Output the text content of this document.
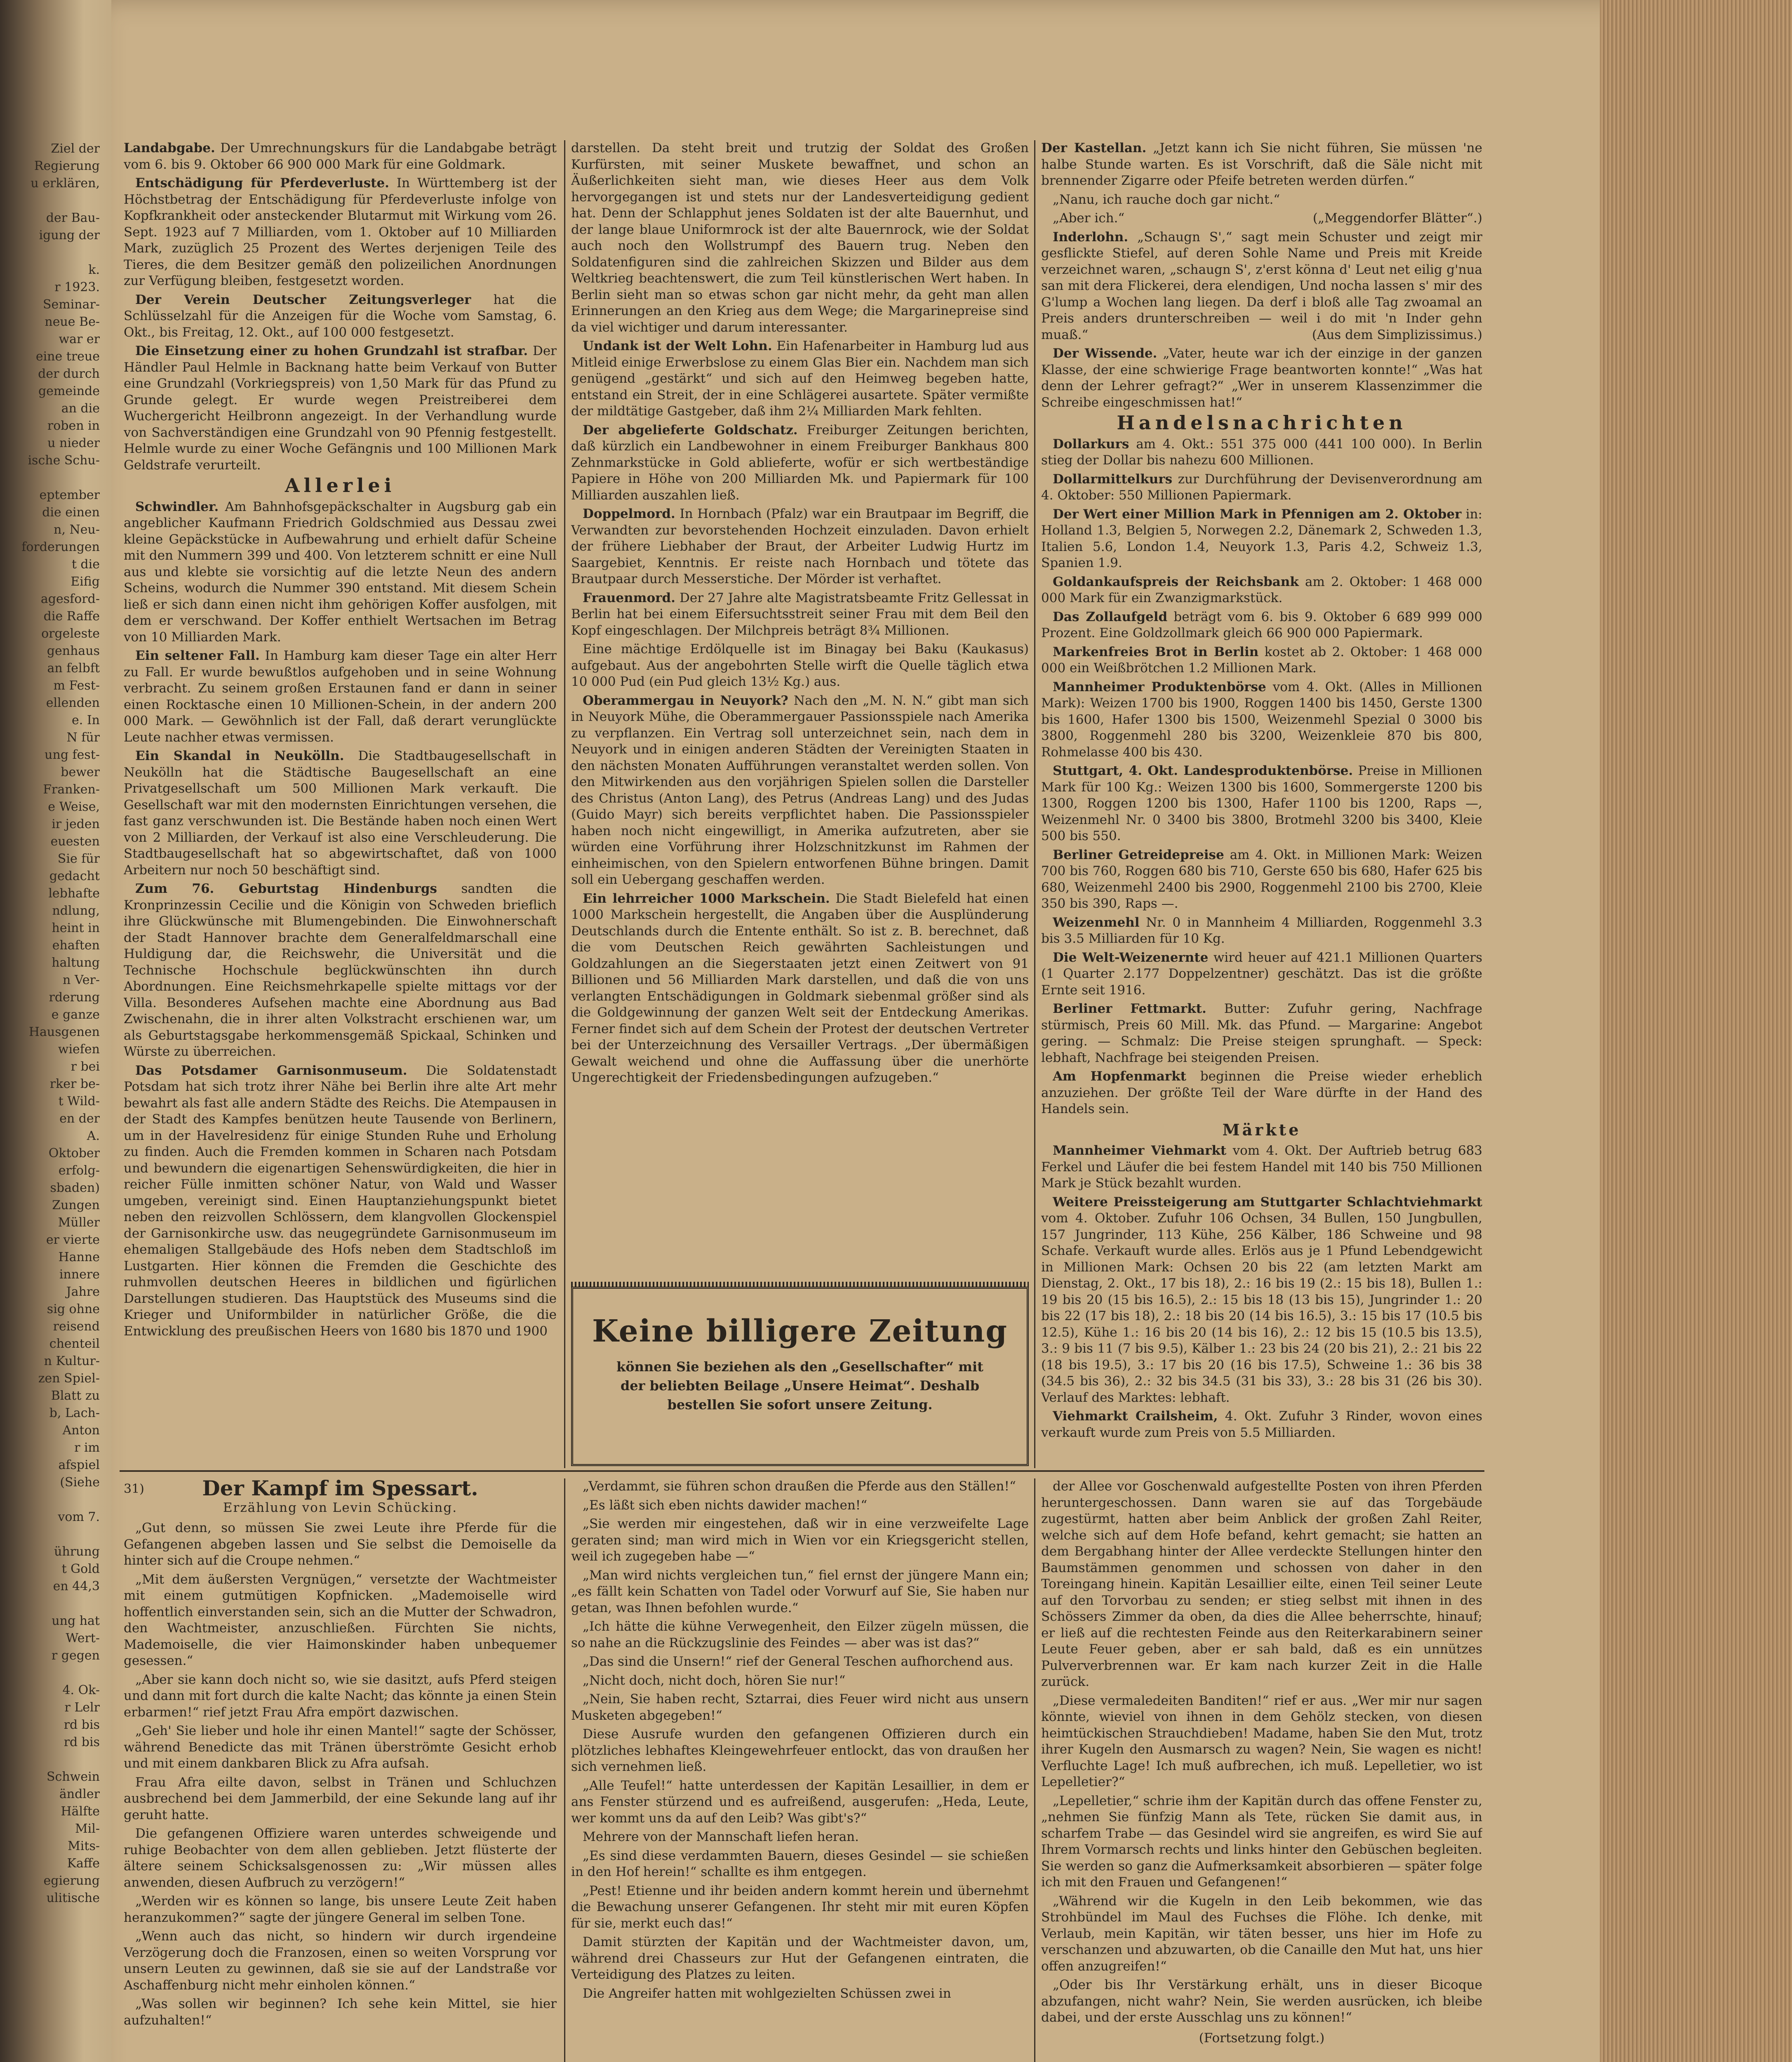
Ziel der
Regierung
u erklären,

der Bau-
igung der

k.
r 1923.
Seminar-
neue Be-
war er
eine treue
der durch
gemeinde
an die
roben in
u nieder
ische Schu-

eptember
die einen
n, Neu-
forderungen
t die
Eifig
agesford-
die Raffe
orgeleste
genhaus
an felbft
m Fest-
ellenden
e. In
N für
ung fest-
bewer
Franken-
e Weise,
ir jeden
euesten
Sie für
gedacht
lebhafte
ndlung,
heint in
ehaften
haltung
n Ver-
rderung
e ganze
Hausgenen
wiefen
r bei
rker be-
t Wild-
en der
A.
Oktober
erfolg-
sbaden)
Zungen
Müller
er vierte
Hanne
innere
Jahre
sig ohne
reisend
chenteil
n Kultur-
zen Spiel-
Blatt zu
b, Lach-
Anton
r im
afspiel
(Siehe

vom 7.

ührung
t Gold
en 44,3

ung hat
Wert-
r gegen

4. Ok-
r Lelr
rd bis
rd bis

Schwein
ändler
Hälfte
Mil-
Mits-
Kaffe
egierung
ulitische

Landabgabe. Der Umrechnungskurs für die Landabgabe beträgt vom 6. bis 9. Oktober 66 900 000 Mark für eine Goldmark.

Entschädigung für Pferdeverluste. In Württemberg ist der Höchstbetrag der Entschädigung für Pferdeverluste infolge von Kopfkrankheit oder ansteckender Blutarmut mit Wirkung vom 26. Sept. 1923 auf 7 Milliarden, vom 1. Oktober auf 10 Milliarden Mark, zuzüglich 25 Prozent des Wertes derjenigen Teile des Tieres, die dem Besitzer gemäß den polizeilichen Anordnungen zur Verfügung bleiben, festgesetzt worden.

Der Verein Deutscher Zeitungsverleger hat die Schlüsselzahl für die Anzeigen für die Woche vom Samstag, 6. Okt., bis Freitag, 12. Okt., auf 100 000 festgesetzt.

Die Einsetzung einer zu hohen Grundzahl ist strafbar. Der Händler Paul Helmle in Backnang hatte beim Verkauf von Butter eine Grundzahl (Vorkriegspreis) von 1,50 Mark für das Pfund zu Grunde gelegt. Er wurde wegen Preistreiberei dem Wuchergericht Heilbronn angezeigt. In der Verhandlung wurde von Sachverständigen eine Grundzahl von 90 Pfennig festgestellt. Helmle wurde zu einer Woche Gefängnis und 100 Millionen Mark Geldstrafe verurteilt.

Allerlei

Schwindler. Am Bahnhofsgepäckschalter in Augsburg gab ein angeblicher Kaufmann Friedrich Goldschmied aus Dessau zwei kleine Gepäckstücke in Aufbewahrung und erhielt dafür Scheine mit den Nummern 399 und 400. Von letzterem schnitt er eine Null aus und klebte sie vorsichtig auf die letzte Neun des andern Scheins, wodurch die Nummer 390 entstand. Mit diesem Schein ließ er sich dann einen nicht ihm gehörigen Koffer ausfolgen, mit dem er verschwand. Der Koffer enthielt Wertsachen im Betrag von 10 Milliarden Mark.

Ein seltener Fall. In Hamburg kam dieser Tage ein alter Herr zu Fall. Er wurde bewußtlos aufgehoben und in seine Wohnung verbracht. Zu seinem großen Erstaunen fand er dann in seiner einen Rocktasche einen 10 Millionen-Schein, in der andern 200 000 Mark. — Gewöhnlich ist der Fall, daß derart verunglückte Leute nachher etwas vermissen.

Ein Skandal in Neukölln. Die Stadtbaugesellschaft in Neukölln hat die Städtische Baugesellschaft an eine Privatgesellschaft um 500 Millionen Mark verkauft. Die Gesellschaft war mit den modernsten Einrichtungen versehen, die fast ganz verschwunden ist. Die Bestände haben noch einen Wert von 2 Milliarden, der Verkauf ist also eine Verschleuderung. Die Stadtbaugesellschaft hat so abgewirtschaftet, daß von 1000 Arbeitern nur noch 50 beschäftigt sind.

Zum 76. Geburtstag Hindenburgs sandten die Kronprinzessin Cecilie und die Königin von Schweden brieflich ihre Glückwünsche mit Blumengebinden. Die Einwohnerschaft der Stadt Hannover brachte dem Generalfeldmarschall eine Huldigung dar, die Reichswehr, die Universität und die Technische Hochschule beglückwünschten ihn durch Abordnungen. Eine Reichsmehrkapelle spielte mittags vor der Villa. Besonderes Aufsehen machte eine Abordnung aus Bad Zwischenahn, die in ihrer alten Volkstracht erschienen war, um als Geburtstagsgabe herkommensgemäß Spickaal, Schinken und Würste zu überreichen.

Das Potsdamer Garnisonmuseum. Die Soldatenstadt Potsdam hat sich trotz ihrer Nähe bei Berlin ihre alte Art mehr bewahrt als fast alle andern Städte des Reichs. Die Atempausen in der Stadt des Kampfes benützen heute Tausende von Berlinern, um in der Havelresidenz für einige Stunden Ruhe und Erholung zu finden. Auch die Fremden kommen in Scharen nach Potsdam und bewundern die eigenartigen Sehenswürdigkeiten, die hier in reicher Fülle inmitten schöner Natur, von Wald und Wasser umgeben, vereinigt sind. Einen Hauptanziehungspunkt bietet neben den reizvollen Schlössern, dem klangvollen Glockenspiel der Garnisonkirche usw. das neugegründete Garnisonmuseum im ehemaligen Stallgebäude des Hofs neben dem Stadtschloß im Lustgarten. Hier können die Fremden die Geschichte des ruhmvollen deutschen Heeres in bildlichen und figürlichen Darstellungen studieren. Das Hauptstück des Museums sind die Krieger und Uniformbilder in natürlicher Größe, die die Entwicklung des preußischen Heers von 1680 bis 1870 und 1900

darstellen. Da steht breit und trutzig der Soldat des Großen Kurfürsten, mit seiner Muskete bewaffnet, und schon an Äußerlichkeiten sieht man, wie dieses Heer aus dem Volk hervorgegangen ist und stets nur der Landesverteidigung gedient hat. Denn der Schlapphut jenes Soldaten ist der alte Bauernhut, und der lange blaue Uniformrock ist der alte Bauernrock, wie der Soldat auch noch den Wollstrumpf des Bauern trug. Neben den Soldatenfiguren sind die zahlreichen Skizzen und Bilder aus dem Weltkrieg beachtenswert, die zum Teil künstlerischen Wert haben. In Berlin sieht man so etwas schon gar nicht mehr, da geht man allen Erinnerungen an den Krieg aus dem Wege; die Margarinepreise sind da viel wichtiger und darum interessanter.

Undank ist der Welt Lohn. Ein Hafenarbeiter in Hamburg lud aus Mitleid einige Erwerbslose zu einem Glas Bier ein. Nachdem man sich genügend „gestärkt“ und sich auf den Heimweg begeben hatte, entstand ein Streit, der in eine Schlägerei ausartete. Später vermißte der mildtätige Gastgeber, daß ihm 2¼ Milliarden Mark fehlten.

Der abgelieferte Goldschatz. Freiburger Zeitungen berichten, daß kürzlich ein Landbewohner in einem Freiburger Bankhaus 800 Zehnmarkstücke in Gold ablieferte, wofür er sich wertbeständige Papiere in Höhe von 200 Milliarden Mk. und Papiermark für 100 Milliarden auszahlen ließ.

Doppelmord. In Hornbach (Pfalz) war ein Brautpaar im Begriff, die Verwandten zur bevorstehenden Hochzeit einzuladen. Davon erhielt der frühere Liebhaber der Braut, der Arbeiter Ludwig Hurtz im Saargebiet, Kenntnis. Er reiste nach Hornbach und tötete das Brautpaar durch Messerstiche. Der Mörder ist verhaftet.

Frauenmord. Der 27 Jahre alte Magistratsbeamte Fritz Gellessat in Berlin hat bei einem Eifersuchtsstreit seiner Frau mit dem Beil den Kopf eingeschlagen. Der Milchpreis beträgt 8¾ Millionen.

Eine mächtige Erdölquelle ist im Binagay bei Baku (Kaukasus) aufgebaut. Aus der angebohrten Stelle wirft die Quelle täglich etwa 10 000 Pud (ein Pud gleich 13½ Kg.) aus.

Oberammergau in Neuyork? Nach den „M. N. N.“ gibt man sich in Neuyork Mühe, die Oberammergauer Passionsspiele nach Amerika zu verpflanzen. Ein Vertrag soll unterzeichnet sein, nach dem in Neuyork und in einigen anderen Städten der Vereinigten Staaten in den nächsten Monaten Aufführungen veranstaltet werden sollen. Von den Mitwirkenden aus den vorjährigen Spielen sollen die Darsteller des Christus (Anton Lang), des Petrus (Andreas Lang) und des Judas (Guido Mayr) sich bereits verpflichtet haben. Die Passionsspieler haben noch nicht eingewilligt, in Amerika aufzutreten, aber sie würden eine Vorführung ihrer Holzschnitzkunst im Rahmen der einheimischen, von den Spielern entworfenen Bühne bringen. Damit soll ein Uebergang geschaffen werden.

Ein lehrreicher 1000 Markschein. Die Stadt Bielefeld hat einen 1000 Markschein hergestellt, die Angaben über die Ausplünderung Deutschlands durch die Entente enthält. So ist z. B. berechnet, daß die vom Deutschen Reich gewährten Sachleistungen und Goldzahlungen an die Siegerstaaten jetzt einen Zeitwert von 91 Billionen und 56 Milliarden Mark darstellen, und daß die von uns verlangten Entschädigungen in Goldmark siebenmal größer sind als die Goldgewinnung der ganzen Welt seit der Entdeckung Amerikas. Ferner findet sich auf dem Schein der Protest der deutschen Vertreter bei der Unterzeichnung des Versailler Vertrags. „Der übermäßigen Gewalt weichend und ohne die Auffassung über die unerhörte Ungerechtigkeit der Friedensbedingungen aufzugeben.“

Keine billigere Zeitung
können Sie beziehen als den „Gesellschafter“ mit
der beliebten Beilage „Unsere Heimat“. Deshalb
bestellen Sie sofort unsere Zeitung.

Der Kastellan. „Jetzt kann ich Sie nicht führen, Sie müssen 'ne halbe Stunde warten. Es ist Vorschrift, daß die Säle nicht mit brennender Zigarre oder Pfeife betreten werden dürfen.“

„Nanu, ich rauche doch gar nicht.“

„Aber ich.“	(„Meggendorfer Blätter“.)

Inderlohn. „Schaugn S',“ sagt mein Schuster und zeigt mir gesflickte Stiefel, auf deren Sohle Name und Preis mit Kreide verzeichnet waren, „schaugn S', z'erst könna d' Leut net eilig g'nua san mit dera Flickerei, dera elendigen, Und nocha lassen s' mir des G'lump a Wochen lang liegen. Da derf i bloß alle Tag zwoamal an Preis anders drunterschreiben — weil i do mit 'n Inder gehn muaß.“	(Aus dem Simplizissimus.)

Der Wissende. „Vater, heute war ich der einzige in der ganzen Klasse, der eine schwierige Frage beantworten konnte!“ „Was hat denn der Lehrer gefragt?“ „Wer in unserem Klassenzimmer die Schreibe eingeschmissen hat!“

Handelsnachrichten

Dollarkurs am 4. Okt.: 551 375 000 (441 100 000). In Berlin stieg der Dollar bis nahezu 600 Millionen.

Dollarmittelkurs zur Durchführung der Devisenverordnung am 4. Oktober: 550 Millionen Papiermark.

Der Wert einer Million Mark in Pfennigen am 2. Oktober in: Holland 1.3, Belgien 5, Norwegen 2.2, Dänemark 2, Schweden 1.3, Italien 5.6, London 1.4, Neuyork 1.3, Paris 4.2, Schweiz 1.3, Spanien 1.9.

Goldankaufspreis der Reichsbank am 2. Oktober: 1 468 000 000 Mark für ein Zwanzigmarkstück.

Das Zollaufgeld beträgt vom 6. bis 9. Oktober 6 689 999 000 Prozent. Eine Goldzollmark gleich 66 900 000 Papiermark.

Markenfreies Brot in Berlin kostet ab 2. Oktober: 1 468 000 000 ein Weißbrötchen 1.2 Millionen Mark.

Mannheimer Produktenbörse vom 4. Okt. (Alles in Millionen Mark): Weizen 1700 bis 1900, Roggen 1400 bis 1450, Gerste 1300 bis 1600, Hafer 1300 bis 1500, Weizenmehl Spezial 0 3000 bis 3800, Roggenmehl 280 bis 3200, Weizenkleie 870 bis 800, Rohmelasse 400 bis 430.

Stuttgart, 4. Okt. Landesproduktenbörse. Preise in Millionen Mark für 100 Kg.: Weizen 1300 bis 1600, Sommergerste 1200 bis 1300, Roggen 1200 bis 1300, Hafer 1100 bis 1200, Raps —, Weizenmehl Nr. 0 3400 bis 3800, Brotmehl 3200 bis 3400, Kleie 500 bis 550.

Berliner Getreidepreise am 4. Okt. in Millionen Mark: Weizen 700 bis 760, Roggen 680 bis 710, Gerste 650 bis 680, Hafer 625 bis 680, Weizenmehl 2400 bis 2900, Roggenmehl 2100 bis 2700, Kleie 350 bis 390, Raps —.

Weizenmehl Nr. 0 in Mannheim 4 Milliarden, Roggenmehl 3.3 bis 3.5 Milliarden für 10 Kg.

Die Welt-Weizenernte wird heuer auf 421.1 Millionen Quarters (1 Quarter 2.177 Doppelzentner) geschätzt. Das ist die größte Ernte seit 1916.

Berliner Fettmarkt. Butter: Zufuhr gering, Nachfrage stürmisch, Preis 60 Mill. Mk. das Pfund. — Margarine: Angebot gering. — Schmalz: Die Preise steigen sprunghaft. — Speck: lebhaft, Nachfrage bei steigenden Preisen.

Am Hopfenmarkt beginnen die Preise wieder erheblich anzuziehen. Der größte Teil der Ware dürfte in der Hand des Handels sein.

Märkte

Mannheimer Viehmarkt vom 4. Okt. Der Auftrieb betrug 683 Ferkel und Läufer die bei festem Handel mit 140 bis 750 Millionen Mark je Stück bezahlt wurden.

Weitere Preissteigerung am Stuttgarter Schlachtviehmarkt vom 4. Oktober. Zufuhr 106 Ochsen, 34 Bullen, 150 Jungbullen, 157 Jungrinder, 113 Kühe, 256 Kälber, 186 Schweine und 98 Schafe. Verkauft wurde alles. Erlös aus je 1 Pfund Lebendgewicht in Millionen Mark: Ochsen 20 bis 22 (am letzten Markt am Dienstag, 2. Okt., 17 bis 18), 2.: 16 bis 19 (2.: 15 bis 18), Bullen 1.: 19 bis 20 (15 bis 16.5), 2.: 15 bis 18 (13 bis 15), Jungrinder 1.: 20 bis 22 (17 bis 18), 2.: 18 bis 20 (14 bis 16.5), 3.: 15 bis 17 (10.5 bis 12.5), Kühe 1.: 16 bis 20 (14 bis 16), 2.: 12 bis 15 (10.5 bis 13.5), 3.: 9 bis 11 (7 bis 9.5), Kälber 1.: 23 bis 24 (20 bis 21), 2.: 21 bis 22 (18 bis 19.5), 3.: 17 bis 20 (16 bis 17.5), Schweine 1.: 36 bis 38 (34.5 bis 36), 2.: 32 bis 34.5 (31 bis 33), 3.: 28 bis 31 (26 bis 30). Verlauf des Marktes: lebhaft.

Viehmarkt Crailsheim, 4. Okt. Zufuhr 3 Rinder, wovon eines verkauft wurde zum Preis von 5.5 Milliarden.

31)	Der Kampf im Spessart.
Erzählung von Levin Schücking.

„Gut denn, so müssen Sie zwei Leute ihre Pferde für die Gefangenen abgeben lassen und Sie selbst die Demoiselle da hinter sich auf die Croupe nehmen.“

„Mit dem äußersten Vergnügen,“ versetzte der Wachtmeister mit einem gutmütigen Kopfnicken. „Mademoiselle wird hoffentlich einverstanden sein, sich an die Mutter der Schwadron, den Wachtmeister, anzuschließen. Fürchten Sie nichts, Mademoiselle, die vier Haimonskinder haben unbequemer gesessen.“

„Aber sie kann doch nicht so, wie sie dasitzt, aufs Pferd steigen und dann mit fort durch die kalte Nacht; das könnte ja einen Stein erbarmen!“ rief jetzt Frau Afra empört dazwischen.

„Geh' Sie lieber und hole ihr einen Mantel!“ sagte der Schösser, während Benedicte das mit Tränen überströmte Gesicht erhob und mit einem dankbaren Blick zu Afra aufsah.

Frau Afra eilte davon, selbst in Tränen und Schluchzen ausbrechend bei dem Jammerbild, der eine Sekunde lang auf ihr geruht hatte.

Die gefangenen Offiziere waren unterdes schweigende und ruhige Beobachter von dem allen geblieben. Jetzt flüsterte der ältere seinem Schicksalsgenossen zu: „Wir müssen alles anwenden, diesen Aufbruch zu verzögern!“

„Werden wir es können so lange, bis unsere Leute Zeit haben heranzukommen?“ sagte der jüngere General im selben Tone.

„Wenn auch das nicht, so hindern wir durch irgendeine Verzögerung doch die Franzosen, einen so weiten Vorsprung vor unsern Leuten zu gewinnen, daß sie sie auf der Landstraße vor Aschaffenburg nicht mehr einholen können.“

„Was sollen wir beginnen? Ich sehe kein Mittel, sie hier aufzuhalten!“

„Verdammt, sie führen schon draußen die Pferde aus den Ställen!“

„Es läßt sich eben nichts dawider machen!“

„Sie werden mir eingestehen, daß wir in eine verzweifelte Lage geraten sind; man wird mich in Wien vor ein Kriegsgericht stellen, weil ich zugegeben habe —“

„Man wird nichts vergleichen tun,“ fiel ernst der jüngere Mann ein; „es fällt kein Schatten von Tadel oder Vorwurf auf Sie, Sie haben nur getan, was Ihnen befohlen wurde.“

„Ich hätte die kühne Verwegenheit, den Eilzer zügeln müssen, die so nahe an die Rückzugslinie des Feindes — aber was ist das?“

„Das sind die Unsern!“ rief der General Teschen aufhorchend aus.

„Nicht doch, nicht doch, hören Sie nur!“

„Nein, Sie haben recht, Sztarrai, dies Feuer wird nicht aus unsern Musketen abgegeben!“

Diese Ausrufe wurden den gefangenen Offizieren durch ein plötzliches lebhaftes Kleingewehrfeuer entlockt, das von draußen her sich vernehmen ließ.

„Alle Teufel!“ hatte unterdessen der Kapitän Lesaillier, in dem er ans Fenster stürzend und es aufreißend, ausgerufen: „Heda, Leute, wer kommt uns da auf den Leib? Was gibt's?“

Mehrere von der Mannschaft liefen heran.

„Es sind diese verdammten Bauern, dieses Gesindel — sie schießen in den Hof herein!“ schallte es ihm entgegen.

„Pest! Etienne und ihr beiden andern kommt herein und übernehmt die Bewachung unserer Gefangenen. Ihr steht mir mit euren Köpfen für sie, merkt euch das!“

Damit stürzten der Kapitän und der Wachtmeister davon, um, während drei Chasseurs zur Hut der Gefangenen eintraten, die Verteidigung des Platzes zu leiten.

Die Angreifer hatten mit wohlgezielten Schüssen zwei in

der Allee vor Goschenwald aufgestellte Posten von ihren Pferden heruntergeschossen. Dann waren sie auf das Torgebäude zugestürmt, hatten aber beim Anblick der großen Zahl Reiter, welche sich auf dem Hofe befand, kehrt gemacht; sie hatten an dem Bergabhang hinter der Allee verdeckte Stellungen hinter den Baumstämmen genommen und schossen von daher in den Toreingang hinein. Kapitän Lesaillier eilte, einen Teil seiner Leute auf den Torvorbau zu senden; er stieg selbst mit ihnen in des Schössers Zimmer da oben, da dies die Allee beherrschte, hinauf; er ließ auf die rechtesten Feinde aus den Reiterkarabinern seiner Leute Feuer geben, aber er sah bald, daß es ein unnützes Pulververbrennen war. Er kam nach kurzer Zeit in die Halle zurück.

„Diese vermaledeiten Banditen!“ rief er aus. „Wer mir nur sagen könnte, wieviel von ihnen in dem Gehölz stecken, von diesen heimtückischen Strauchdieben! Madame, haben Sie den Mut, trotz ihrer Kugeln den Ausmarsch zu wagen? Nein, Sie wagen es nicht! Verfluchte Lage! Ich muß aufbrechen, ich muß. Lepelletier, wo ist Lepelletier?“

„Lepelletier,“ schrie ihm der Kapitän durch das offene Fenster zu, „nehmen Sie fünfzig Mann als Tete, rücken Sie damit aus, in scharfem Trabe — das Gesindel wird sie angreifen, es wird Sie auf Ihrem Vormarsch rechts und links hinter den Gebüschen begleiten. Sie werden so ganz die Aufmerksamkeit absorbieren — später folge ich mit den Frauen und Gefangenen!“

„Während wir die Kugeln in den Leib bekommen, wie das Strohbündel im Maul des Fuchses die Flöhe. Ich denke, mit Verlaub, mein Kapitän, wir täten besser, uns hier im Hofe zu verschanzen und abzuwarten, ob die Canaille den Mut hat, uns hier offen anzugreifen!“

„Oder bis Ihr Verstärkung erhält, uns in dieser Bicoque abzufangen, nicht wahr? Nein, Sie werden ausrücken, ich bleibe dabei, und der erste Ausschlag uns zu können!“

(Fortsetzung folgt.)
